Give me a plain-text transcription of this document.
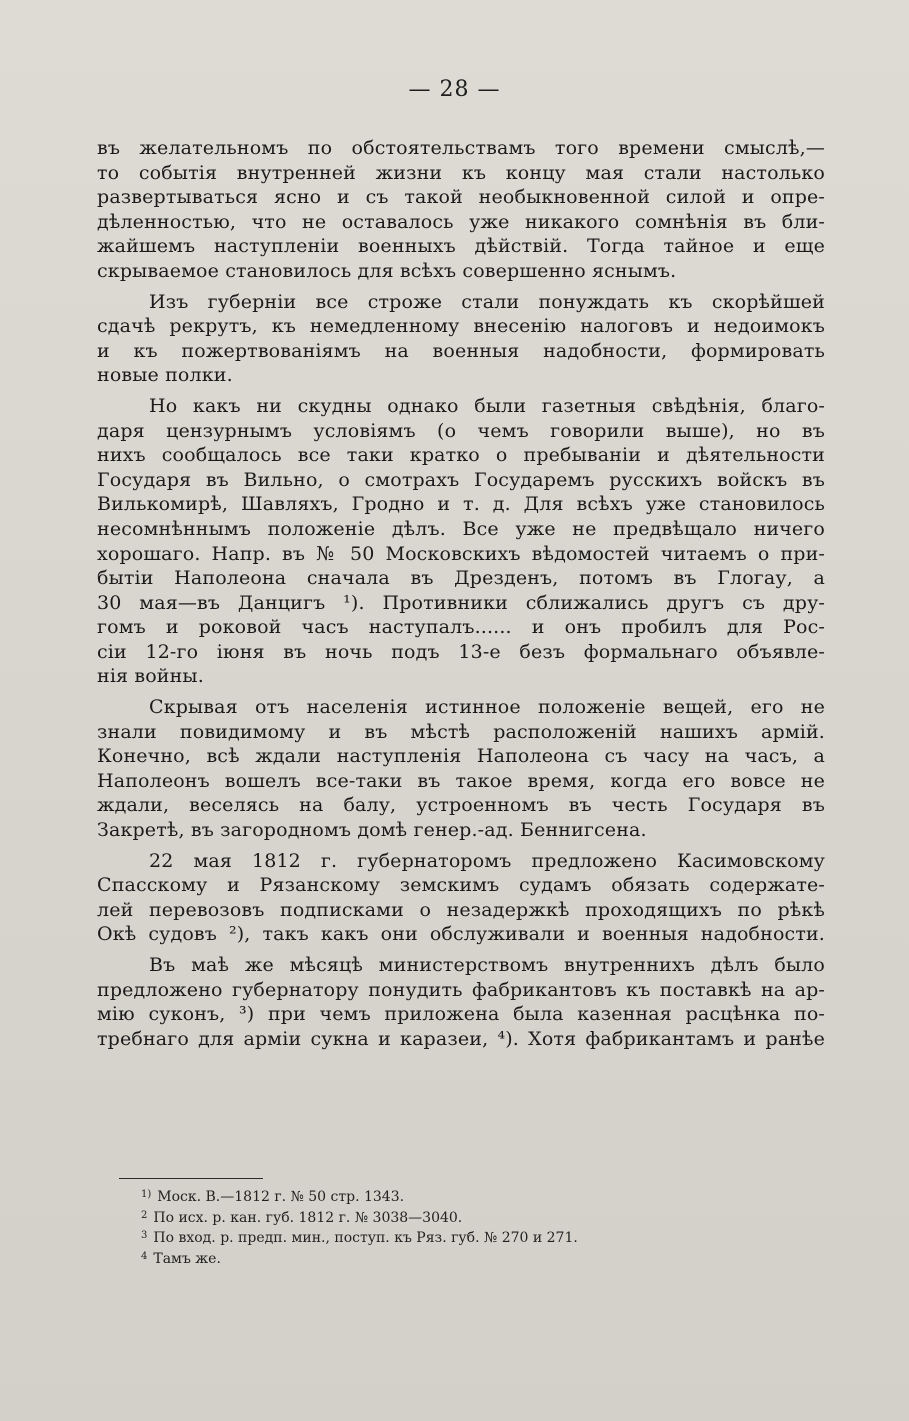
— 28 —
въ желательномъ по обстоятельствамъ того времени смыслѣ,—
то событія внутренней жизни къ концу мая стали настолько
развертываться ясно и съ такой необыкновенной силой и опре-
дѣленностью, что не оставалось уже никакого сомнѣнія въ бли-
жайшемъ наступленіи военныхъ дѣйствій. Тогда тайное и еще
скрываемое становилось для всѣхъ совершенно яснымъ.
Изъ губерніи все строже стали понуждать къ скорѣйшей
сдачѣ рекрутъ, къ немедленному внесенію налоговъ и недоимокъ
и къ пожертвованіямъ на военныя надобности, формировать
новые полки.
Но какъ ни скудны однако были газетныя свѣдѣнія, благо-
даря цензурнымъ условіямъ (о чемъ говорили выше), но въ
нихъ сообщалось все таки кратко о пребываніи и дѣятельности
Государя въ Вильно, о смотрахъ Государемъ русскихъ войскъ въ
Вилькомирѣ, Шавляхъ, Гродно и т. д. Для всѣхъ уже становилось
несомнѣннымъ положеніе дѣлъ. Все уже не предвѣщало ничего
хорошаго. Напр. въ № 50 Московскихъ вѣдомостей читаемъ о при-
бытіи Наполеона сначала въ Дрезденъ, потомъ въ Глогау, а
30 мая—въ Данцигъ ¹). Противники сближались другъ съ дру-
гомъ и роковой часъ наступалъ...... и онъ пробилъ для Рос-
сіи 12-го іюня въ ночь подъ 13-е безъ формальнаго объявле-
нія войны.
Скрывая отъ населенія истинное положеніе вещей, его не
знали повидимому и въ мѣстѣ расположеній нашихъ армій.
Конечно, всѣ ждали наступленія Наполеона съ часу на часъ, а
Наполеонъ вошелъ все-таки въ такое время, когда его вовсе не
ждали, веселясь на балу, устроенномъ въ честь Государя въ
Закретѣ, въ загородномъ домѣ генер.-ад. Беннигсена.
22 мая 1812 г. губернаторомъ предложено Касимовскому
Спасскому и Рязанскому земскимъ судамъ обязать содержате-
лей перевозовъ подписками о незадержкѣ проходящихъ по рѣкѣ
Окѣ судовъ ²), такъ какъ они обслуживали и военныя надобности.
Въ маѣ же мѣсяцѣ министерствомъ внутреннихъ дѣлъ было
предложено губернатору понудить фабрикантовъ къ поставкѣ на ар-
мію суконъ, ³) при чемъ приложена была казенная расцѣнка по-
требнаго для арміи сукна и каразеи, ⁴). Хотя фабрикантамъ и ранѣе
$^{1)}$ Моск. В.—1812 г. № 50 стр. 1343.
$^2$ По исх. р. кан. губ. 1812 г. № 3038—3040.
$^3$ По вход. р. предп. мин., поступ. къ Ряз. губ. № 270 и 271.
$^4$ Тамъ же.
